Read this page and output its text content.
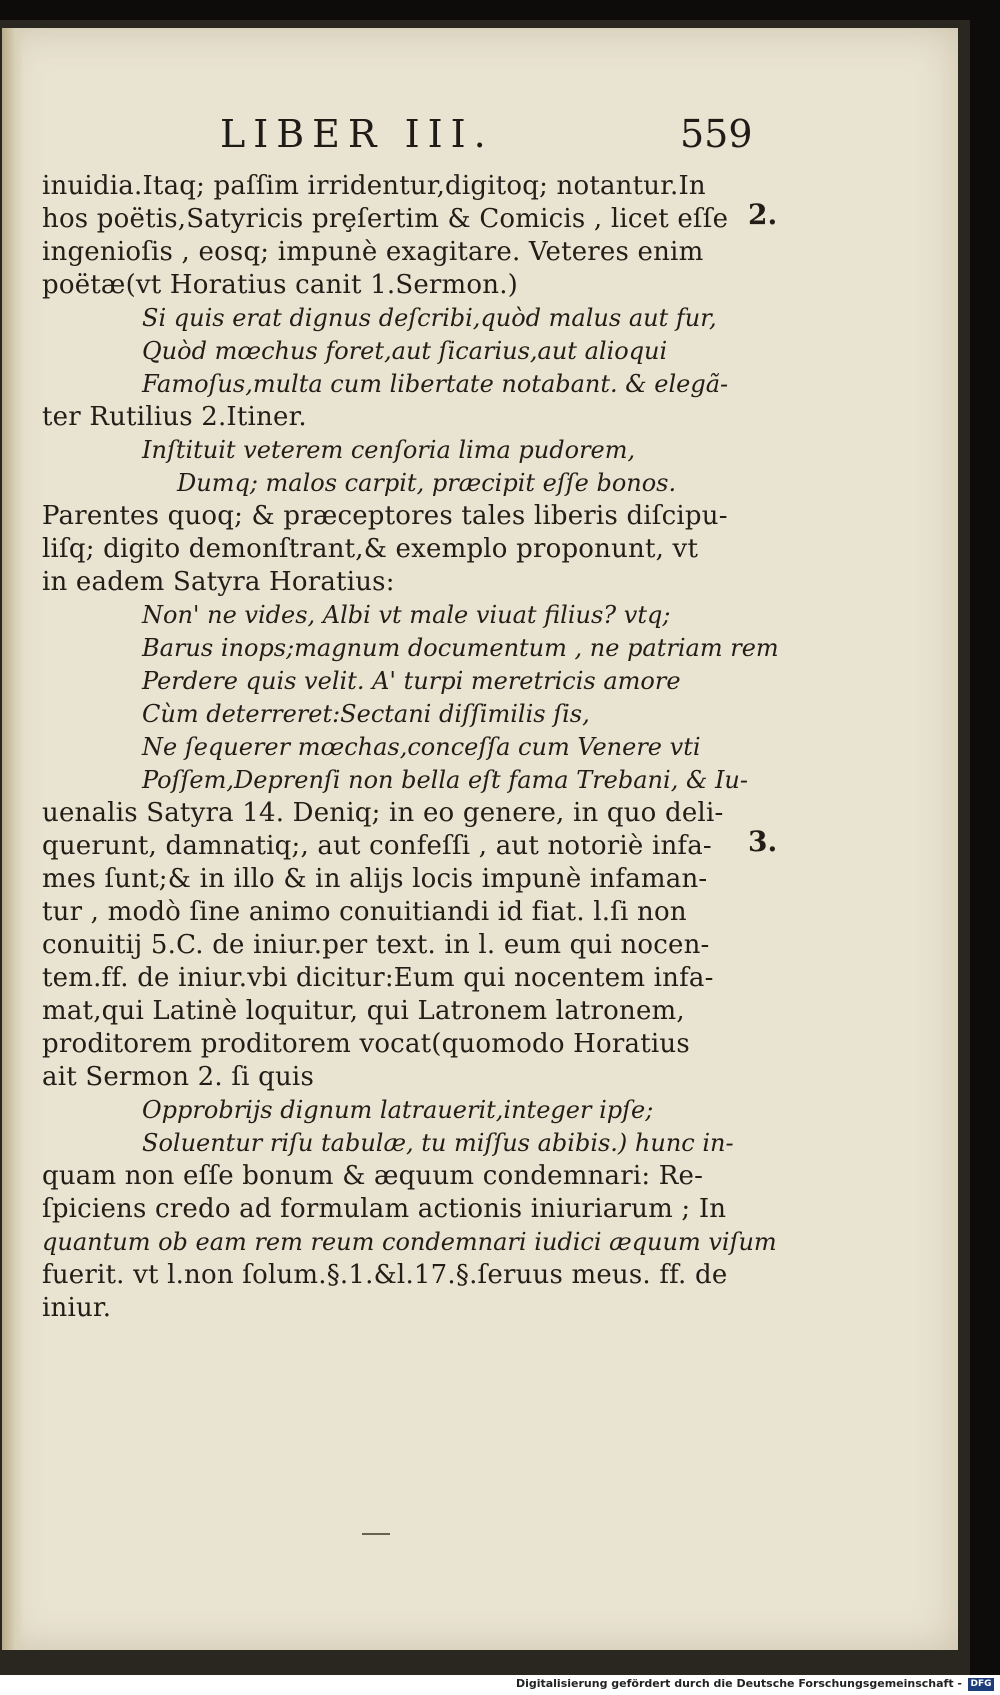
LIBER III.	559
inuidia.Itaq; paſſim irridentur,digitoq; notantur.In
hos poëtis,Satyricis prȩſertim & Comicis , licet eſſe
ingenioſis , eosq; impunè exagitare. Veteres enim
poëtæ(vt Horatius canit 1.Sermon.)
Si quis erat dignus deſcribi,quòd malus aut fur,
Quòd mœchus foret,aut ſicarius,aut alioqui
Famoſus,multa cum libertate notabant. & elegã-
ter Rutilius 2.Itiner.
Inſtituit veterem cenſoria lima pudorem,
Dumq; malos carpit, præcipit eſſe bonos.
Parentes quoq; & præceptores tales liberis diſcipu-
liſq; digito demonſtrant,& exemplo proponunt, vt
in eadem Satyra Horatius:
Non' ne vides, Albi vt male viuat filius? vtq;
Barus inops;magnum documentum , ne patriam rem
Perdere quis velit. A' turpi meretricis amore
Cùm deterreret:Sectani diſſimilis ſis,
Ne ſequerer mœchas,conceſſa cum Venere vti
Poſſem,Deprenſi non bella eſt fama Trebani, & Iu-
uenalis Satyra 14. Deniq; in eo genere, in quo deli-
querunt, damnatiq;, aut confeſſi , aut notoriè infa-
mes ſunt;& in illo & in alijs locis impunè infaman-
tur , modò ſine animo conuitiandi id fiat. l.ſi non
conuitij 5.C. de iniur.per text. in l. eum qui nocen-
tem.ff. de iniur.vbi dicitur:Eum qui nocentem infa-
mat,qui Latinè loquitur, qui Latronem latronem,
proditorem proditorem vocat(quomodo Horatius
ait Sermon 2. ſi quis
Opprobrijs dignum latrauerit,integer ipſe;
Soluentur riſu tabulæ, tu miſſus abibis.) hunc in-
quam non eſſe bonum & æquum condemnari: Re-
ſpiciens credo ad formulam actionis iniuriarum ; In
quantum ob eam rem reum condemnari iudici æquum viſum
fuerit. vt l.non ſolum.§.1.&l.17.§.ſeruus meus. ff. de
iniur.
2.
3.
Digitalisierung gefördert durch die Deutsche Forschungsgemeinschaft - DFG
